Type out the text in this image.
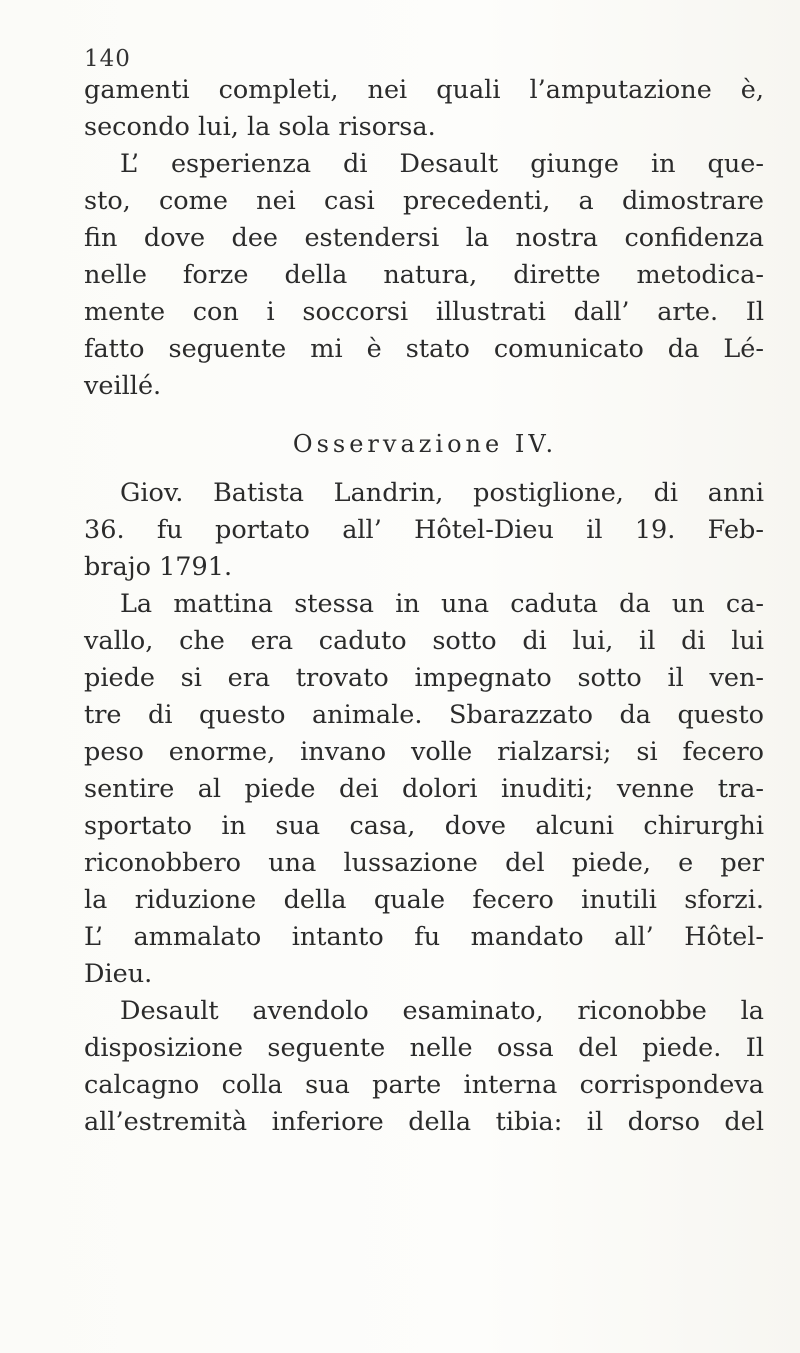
140
gamenti completi, nei quali l’amputazione è,
secondo lui, la sola risorsa.
L’ esperienza di Desault giunge in que-
sto, come nei casi precedenti, a dimostrare
fin dove dee estendersi la nostra confidenza
nelle forze della natura, dirette metodica-
mente con i soccorsi illustrati dall’ arte. Il
fatto seguente mi è stato comunicato da Lé-
veillé.
Osservazione IV.
Giov. Batista Landrin, postiglione, di anni
36. fu portato all’ Hôtel-Dieu il 19. Feb-
brajo 1791.
La mattina stessa in una caduta da un ca-
vallo, che era caduto sotto di lui, il di lui
piede si era trovato impegnato sotto il ven-
tre di questo animale. Sbarazzato da questo
peso enorme, invano volle rialzarsi; si fecero
sentire al piede dei dolori inuditi; venne tra-
sportato in sua casa, dove alcuni chirurghi
riconobbero una lussazione del piede, e per
la riduzione della quale fecero inutili sforzi.
L’ ammalato intanto fu mandato all’ Hôtel-
Dieu.
Desault avendolo esaminato, riconobbe la
disposizione seguente nelle ossa del piede. Il
calcagno colla sua parte interna corrispondeva
all’estremità inferiore della tibia: il dorso del
